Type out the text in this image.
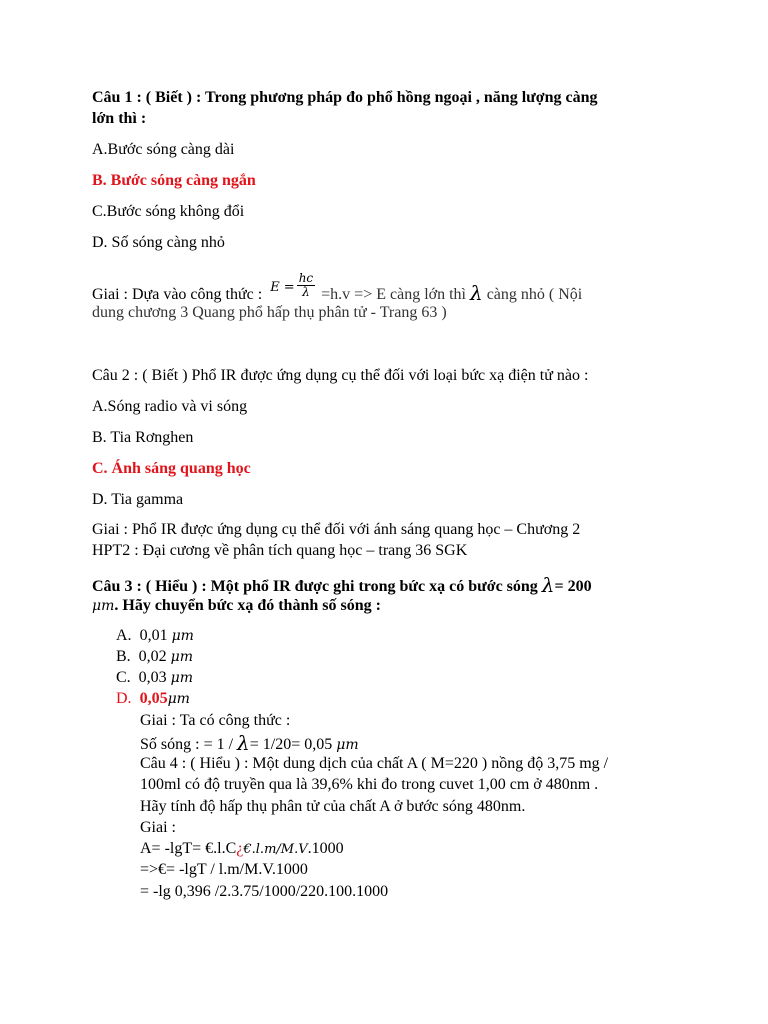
Câu 1 : ( Biết ) : Trong phương pháp đo phổ hồng ngoại , năng lượng càng
lớn thì :
A.Bước sóng càng dài
B. Bước sóng càng ngắn
C.Bước sóng không đổi
D. Số sóng càng nhỏ
Giai : Dựa vào công thức : $^{E =} \frac{hc}{\lambda} =h.v => E$ càng lớn thì λ càng nhỏ ( Nội
dung chương 3 Quang phổ hấp thụ phân tử - Trang 63 )
Câu 2 : ( Biết ) Phổ IR được ứng dụng cụ thể đối với loại bức xạ điện tử nào :
A.Sóng radio và vi sóng
B. Tia Rơnghen
C. Ánh sáng quang học
D. Tia gamma
Giai : Phổ IR được ứng dụng cụ thể đối với ánh sáng quang học – Chương 2
HPT2 : Đại cương về phân tích quang học – trang 36 SGK
Câu 3 : ( Hiểu ) : Một phổ IR được ghi trong bức xạ có bước sóng λ= 200
μm. Hãy chuyển bức xạ đó thành số sóng :
A. 0,01 μm
B. 0,02 μm
C. 0,03 μm
D. 0,05μm
Giai : Ta có công thức :
Số sóng : = 1 / λ= 1/20= 0,05 μm
Câu 4 : ( Hiểu ) : Một dung dịch của chất A ( M=220 ) nồng độ 3,75 mg /
100ml có độ truyền qua là 39,6% khi đo trong cuvet 1,00 cm ở 480nm .
Hãy tính độ hấp thụ phân tử của chất A ở bước sóng 480nm.
Giai :
A= -lgT= €.l.C¿€.l.m/M.V.1000
=>€= -lgT / l.m/M.V.1000
= -lg 0,396 /2.3.75/1000/220.100.1000
